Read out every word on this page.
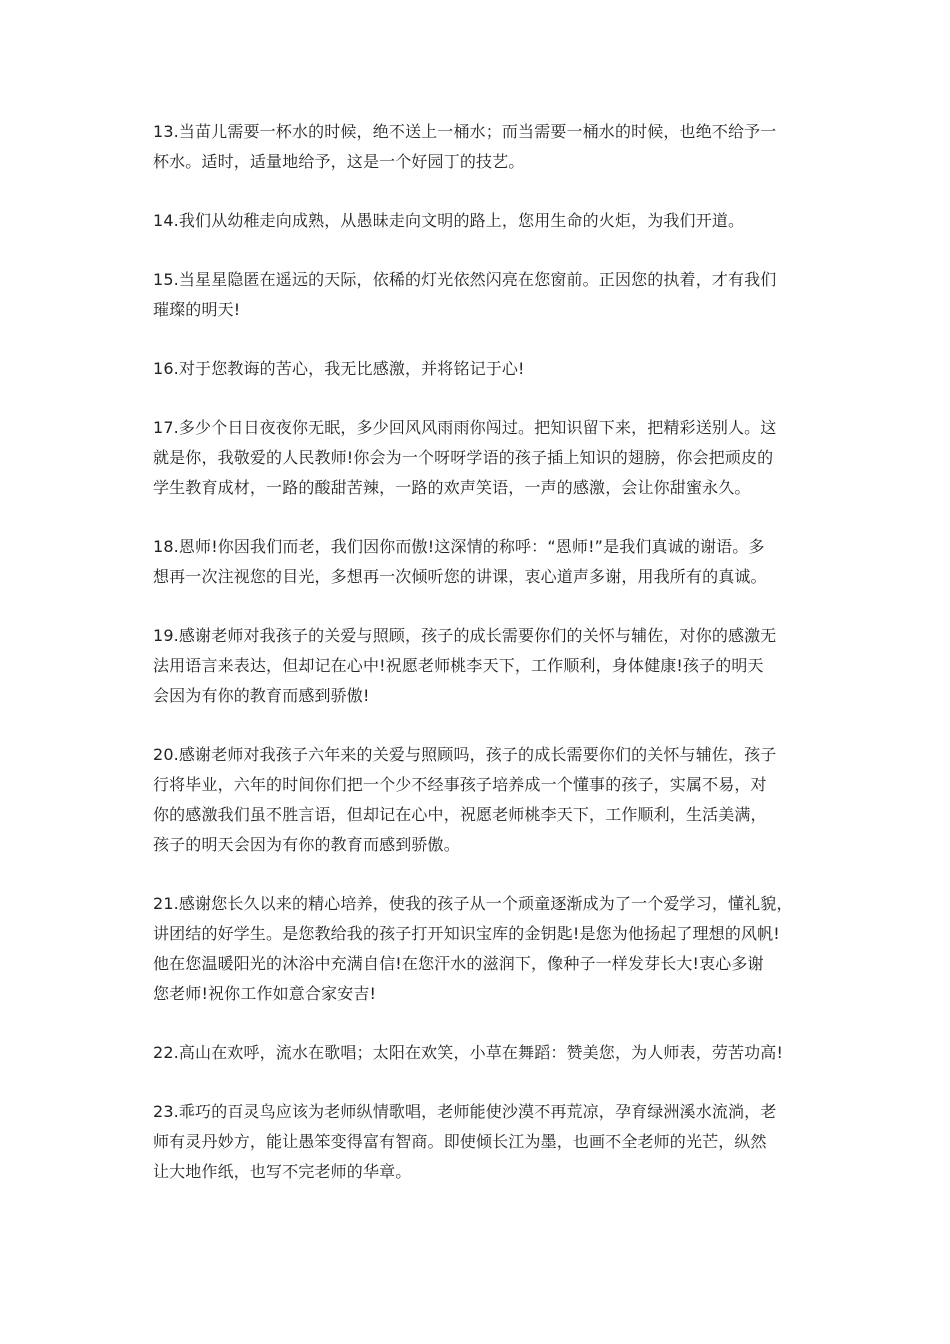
13.当苗儿需要一杯水的时候，绝不送上一桶水；而当需要一桶水的时候，也绝不给予一
杯水。适时，适量地给予，这是一个好园丁的技艺。

14.我们从幼稚走向成熟，从愚昧走向文明的路上，您用生命的火炬，为我们开道。

15.当星星隐匿在遥远的天际，依稀的灯光依然闪亮在您窗前。正因您的执着，才有我们
璀璨的明天!

16.对于您教诲的苦心，我无比感激，并将铭记于心!

17.多少个日日夜夜你无眠，多少回风风雨雨你闯过。把知识留下来，把精彩送别人。这
就是你，我敬爱的人民教师!你会为一个呀呀学语的孩子插上知识的翅膀，你会把顽皮的
学生教育成材，一路的酸甜苦辣，一路的欢声笑语，一声的感激，会让你甜蜜永久。

18.恩师!你因我们而老，我们因你而傲!这深情的称呼：“恩师!”是我们真诚的谢语。多
想再一次注视您的目光，多想再一次倾听您的讲课，衷心道声多谢，用我所有的真诚。

19.感谢老师对我孩子的关爱与照顾，孩子的成长需要你们的关怀与辅佐，对你的感激无
法用语言来表达，但却记在心中!祝愿老师桃李天下，工作顺利，身体健康!孩子的明天
会因为有你的教育而感到骄傲!

20.感谢老师对我孩子六年来的关爱与照顾吗，孩子的成长需要你们的关怀与辅佐，孩子
行将毕业，六年的时间你们把一个少不经事孩子培养成一个懂事的孩子，实属不易，对
你的感激我们虽不胜言语，但却记在心中，祝愿老师桃李天下，工作顺利，生活美满，
孩子的明天会因为有你的教育而感到骄傲。

21.感谢您长久以来的精心培养，使我的孩子从一个顽童逐渐成为了一个爱学习，懂礼貌，
讲团结的好学生。是您教给我的孩子打开知识宝库的金钥匙!是您为他扬起了理想的风帆!
他在您温暖阳光的沐浴中充满自信!在您汗水的滋润下，像种子一样发芽长大!衷心多谢
您老师!祝你工作如意合家安吉!

22.高山在欢呼，流水在歌唱；太阳在欢笑，小草在舞蹈：赞美您，为人师表，劳苦功高!

23.乖巧的百灵鸟应该为老师纵情歌唱，老师能使沙漠不再荒凉，孕育绿洲溪水流淌，老
师有灵丹妙方，能让愚笨变得富有智商。即使倾长江为墨，也画不全老师的光芒，纵然
让大地作纸，也写不完老师的华章。
